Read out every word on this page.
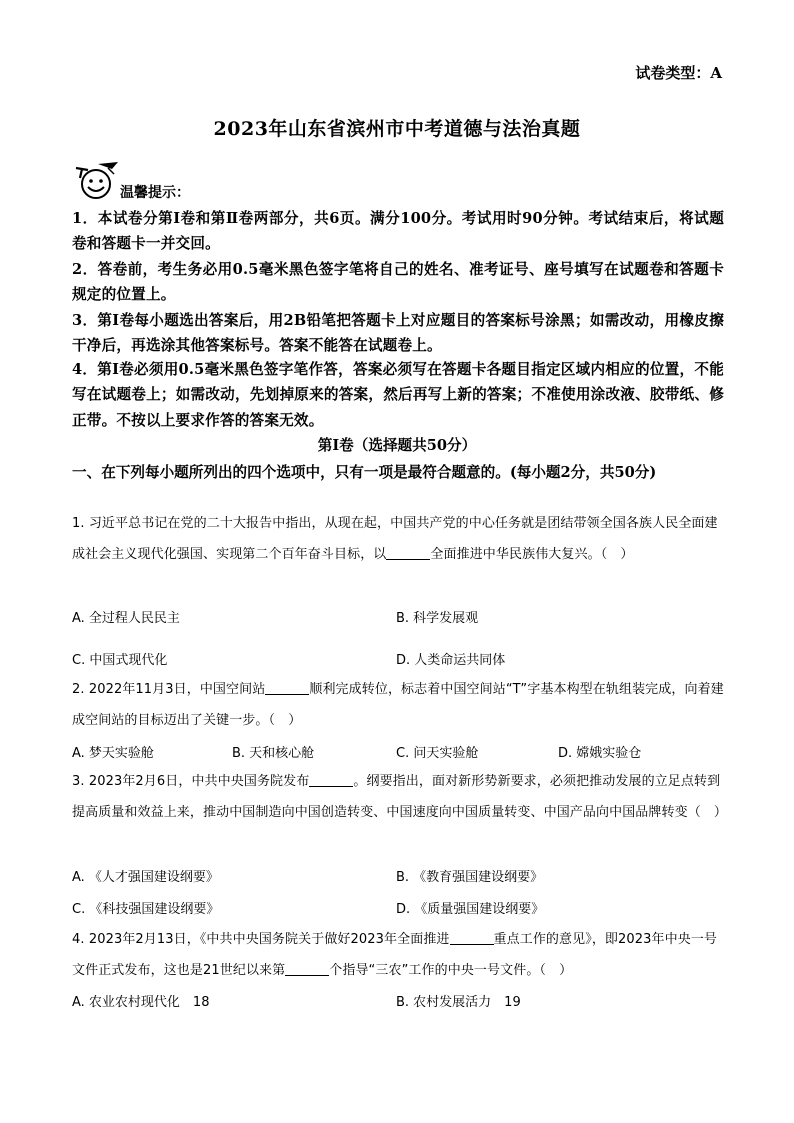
试卷类型：A
2023年山东省滨州市中考道德与法治真题
温馨提示：

1．本试卷分第Ⅰ卷和第Ⅱ卷两部分，共6页。满分100分。考试用时90分钟。考试结束后，将试题卷和答题卡一并交回。

2．答卷前，考生务必用0.5毫米黑色签字笔将自己的姓名、准考证号、座号填写在试题卷和答题卡规定的位置上。

3．第Ⅰ卷每小题选出答案后，用2B铅笔把答题卡上对应题目的答案标号涂黑；如需改动，用橡皮擦干净后，再选涂其他答案标号。答案不能答在试题卷上。

4．第Ⅰ卷必须用0.5毫米黑色签字笔作答，答案必须写在答题卡各题目指定区域内相应的位置，不能写在试题卷上；如需改动，先划掉原来的答案，然后再写上新的答案；不准使用涂改液、胶带纸、修正带。不按以上要求作答的答案无效。

第Ⅰ卷（选择题共50分）
一、在下列每小题所列出的四个选项中，只有一项是最符合题意的。(每小题2分，共50分)

1. 习近平总书记在党的二十大报告中指出，从现在起，中国共产党的中心任务就是团结带领全国各族人民全面建成社会主义现代化强国、实现第二个百年奋斗目标，以	全面推进中华民族伟大复兴。（　）

A. 全过程人民民主	B. 科学发展观
C. 中国式现代化	D. 人类命运共同体

2. 2022年11月3日，中国空间站	顺利完成转位，标志着中国空间站“T”字基本构型在轨组装完成，向着建成空间站的目标迈出了关键一步。（　）

A. 梦天实验舱	B. 天和核心舱	C. 问天实验舱	D. 嫦娥实验仓

3. 2023年2月6日，中共中央国务院发布	。纲要指出，面对新形势新要求，必须把推动发展的立足点转到提高质量和效益上来，推动中国制造向中国创造转变、中国速度向中国质量转变、中国产品向中国品牌转变（　）

A. 《人才强国建设纲要》	B. 《教育强国建设纲要》
C. 《科技强国建设纲要》	D. 《质量强国建设纲要》

4. 2023年2月13日，《中共中央国务院关于做好2023年全面推进	重点工作的意见》，即2023年中央一号文件正式发布，这也是21世纪以来第	个指导“三农”工作的中央一号文件。（　）

A. 农业农村现代化　18	B. 农村发展活力　19
